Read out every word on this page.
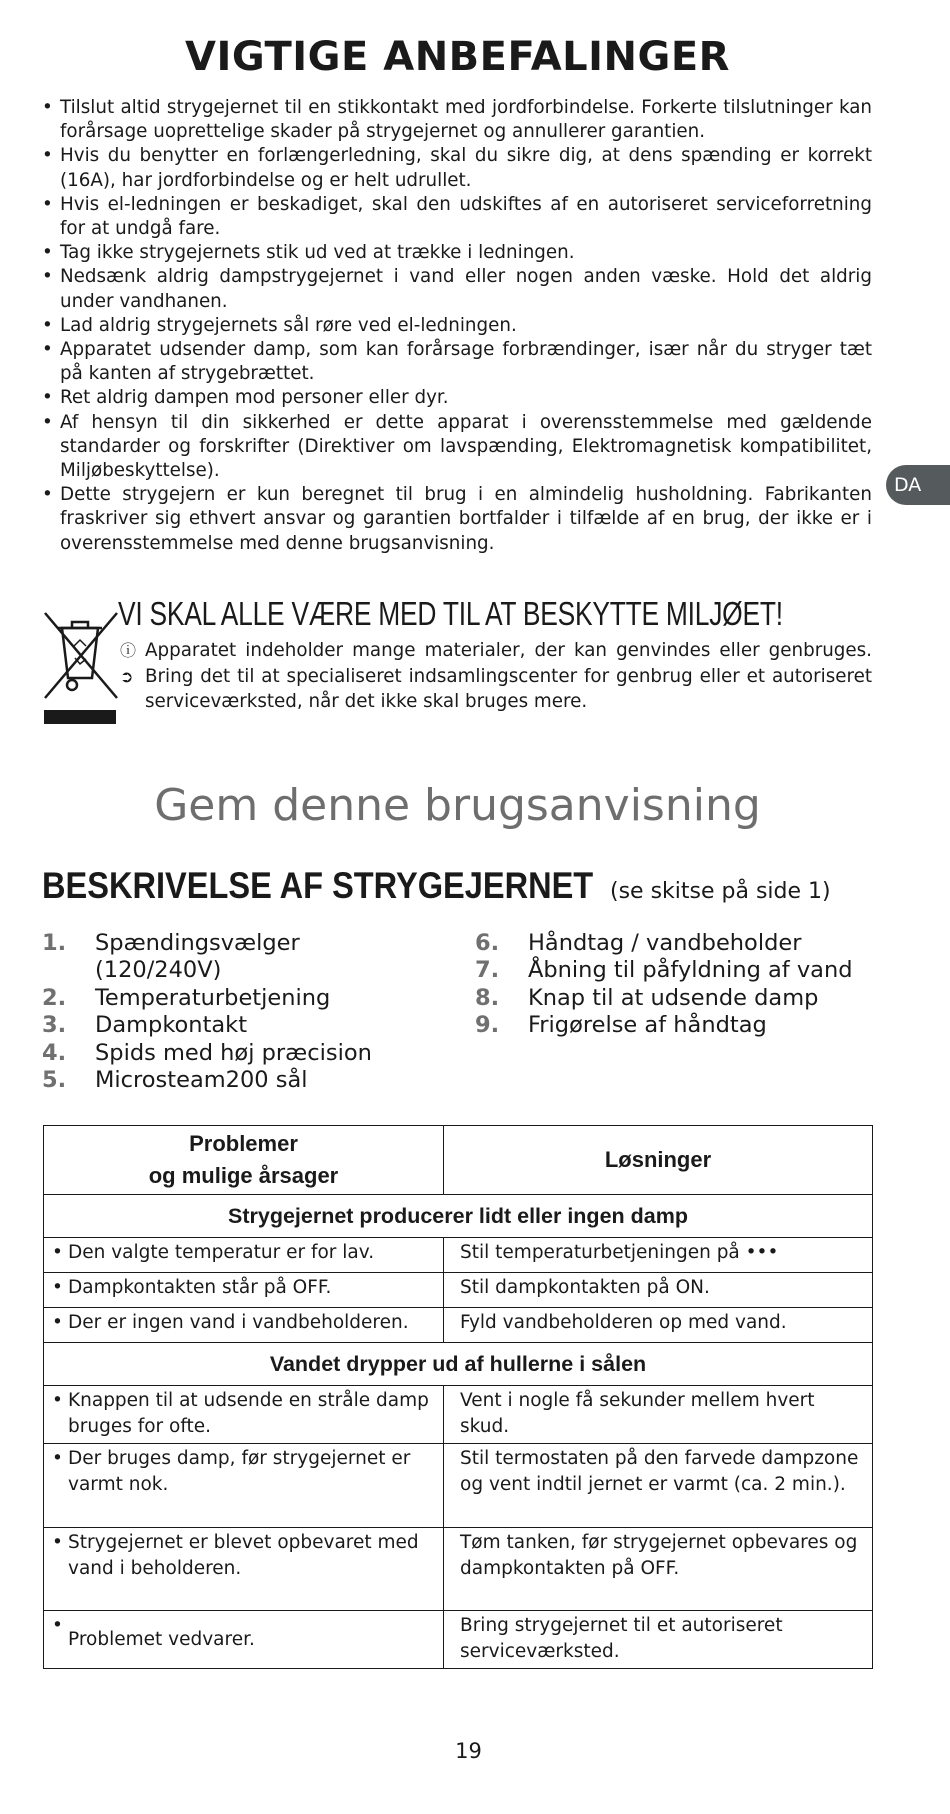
VIGTIGE ANBEFALINGER
• Tilslut altid strygejernet til en stikkontakt med jordforbindelse. Forkerte tilslutninger kan forårsage uoprettelige skader på strygejernet og annullerer garantien.
• Hvis du benytter en forlængerledning, skal du sikre dig, at dens spænding er korrekt (16A), har jordforbindelse og er helt udrullet.
• Hvis el-ledningen er beskadiget, skal den udskiftes af en autoriseret serviceforretning for at undgå fare.
• Tag ikke strygejernets stik ud ved at trække i ledningen.
• Nedsænk aldrig dampstrygejernet i vand eller nogen anden væske. Hold det aldrig under vandhanen.
• Lad aldrig strygejernets sål røre ved el-ledningen.
• Apparatet udsender damp, som kan forårsage forbrændinger, især når du stryger tæt på kanten af strygebrættet.
• Ret aldrig dampen mod personer eller dyr.
• Af hensyn til din sikkerhed er dette apparat i overensstemmelse med gældende standarder og forskrifter (Direktiver om lavspænding, Elektromagnetisk kompatibilitet, Miljøbeskyttelse).
• Dette strygejern er kun beregnet til brug i en almindelig husholdning. Fabrikanten fraskriver sig ethvert ansvar og garantien bortfalder i tilfælde af en brug, der ikke er i overensstemmelse med denne brugsanvisning.
DA
VI SKAL ALLE VÆRE MED TIL AT BESKYTTE MILJØET!
ⓘ Apparatet indeholder mange materialer, der kan genvindes eller genbruges.
➲ Bring det til at specialiseret indsamlingscenter for genbrug eller et autoriseret serviceværksted, når det ikke skal bruges mere.
Gem denne brugsanvisning
BESKRIVELSE AF STRYGEJERNET (se skitse på side 1)
1.	Spændingsvælger
(120/240V)
2.	Temperaturbetjening
3.	Dampkontakt
4.	Spids med høj præcision
5.	Microsteam200 sål
6.	Håndtag / vandbeholder
7.	Åbning til påfyldning af vand
8.	Knap til at udsende damp
9.	Frigørelse af håndtag
Problemer
og mulige årsager	Løsninger
Strygejernet producerer lidt eller ingen damp	
• Den valgte temperatur er for lav.	Stil temperaturbetjeningen på •••
• Dampkontakten står på OFF.	Stil dampkontakten på ON.
• Der er ingen vand i vandbeholderen.	Fyld vandbeholderen op med vand.
Vandet drypper ud af hullerne i sålen	
• Knappen til at udsende en stråle damp bruges for ofte.	Vent i nogle få sekunder mellem hvert skud.
• Der bruges damp, før strygejernet er varmt nok.	Stil termostaten på den farvede dampzone og vent indtil jernet er varmt (ca. 2 min.).
• Strygejernet er blevet opbevaret med vand i beholderen.	Tøm tanken, før strygejernet opbevares og dampkontakten på OFF.
• Problemet vedvarer.	Bring strygejernet til et autoriseret serviceværksted.
19
